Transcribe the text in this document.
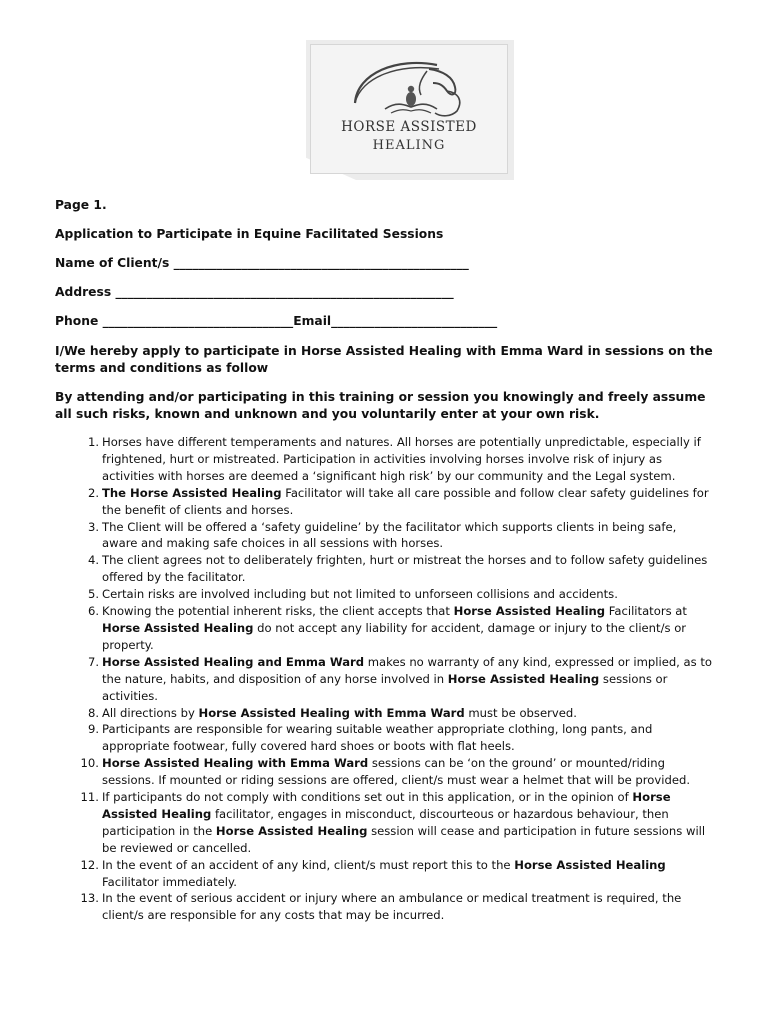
HORSE ASSISTED
HEALING
Page 1.
Application to Participate in Equine Facilitated Sessions
Name of Client/s ________________________________________________
Address _______________________________________________________
Phone _______________________________Email___________________________
I/We hereby apply to participate in Horse Assisted Healing with Emma Ward in sessions on the terms and conditions as follow
By attending and/or participating in this training or session you knowingly and freely assume all such risks, known and unknown and you voluntarily enter at your own risk.
1. Horses have different temperaments and natures. All horses are potentially unpredictable, especially if frightened, hurt or mistreated. Participation in activities involving horses involve risk of injury as activities with horses are deemed a ‘significant high risk’ by our community and the Legal system.
2. The Horse Assisted Healing Facilitator will take all care possible and follow clear safety guidelines for the benefit of clients and horses.
3. The Client will be offered a ‘safety guideline’ by the facilitator which supports clients in being safe, aware and making safe choices in all sessions with horses.
4. The client agrees not to deliberately frighten, hurt or mistreat the horses and to follow safety guidelines offered by the facilitator.
5. Certain risks are involved including but not limited to unforseen collisions and accidents.
6. Knowing the potential inherent risks, the client accepts that Horse Assisted Healing Facilitators at Horse Assisted Healing do not accept any liability for accident, damage or injury to the client/s or property.
7. Horse Assisted Healing and Emma Ward makes no warranty of any kind, expressed or implied, as to the nature, habits, and disposition of any horse involved in Horse Assisted Healing sessions or activities.
8. All directions by Horse Assisted Healing with Emma Ward must be observed.
9. Participants are responsible for wearing suitable weather appropriate clothing, long pants, and appropriate footwear, fully covered hard shoes or boots with flat heels.
10. Horse Assisted Healing with Emma Ward sessions can be ‘on the ground’ or mounted/riding sessions. If mounted or riding sessions are offered, client/s must wear a helmet that will be provided.
11. If participants do not comply with conditions set out in this application, or in the opinion of Horse Assisted Healing facilitator, engages in misconduct, discourteous or hazardous behaviour, then participation in the Horse Assisted Healing session will cease and participation in future sessions will be reviewed or cancelled.
12. In the event of an accident of any kind, client/s must report this to the Horse Assisted Healing Facilitator immediately.
13. In the event of serious accident or injury where an ambulance or medical treatment is required, the client/s are responsible for any costs that may be incurred.
